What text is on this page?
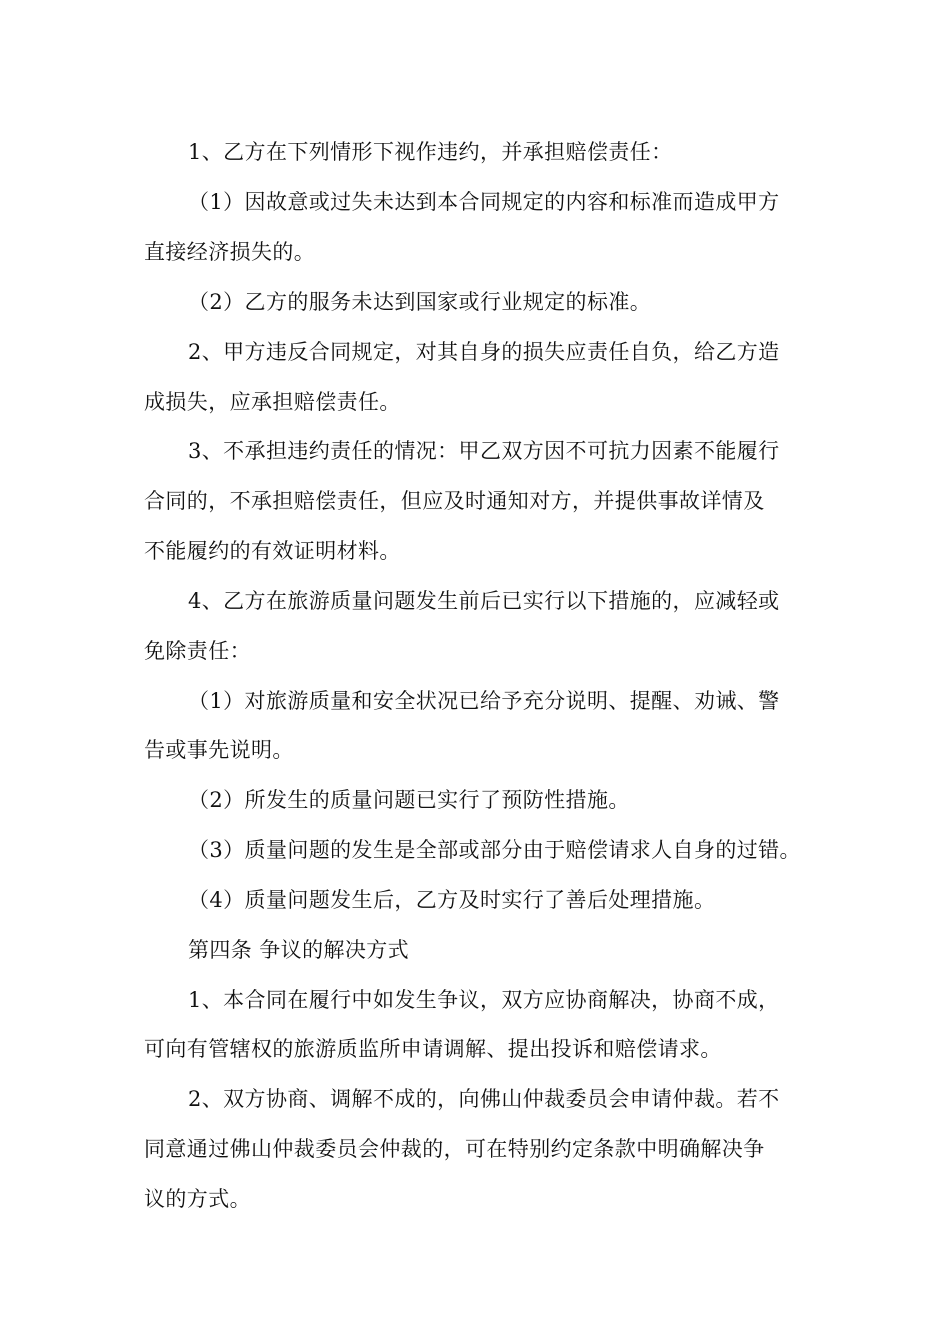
1、乙方在下列情形下视作违约，并承担赔偿责任：
（1）因故意或过失未达到本合同规定的内容和标准而造成甲方
直接经济损失的。
（2）乙方的服务未达到国家或行业规定的标准。
2、甲方违反合同规定，对其自身的损失应责任自负，给乙方造
成损失，应承担赔偿责任。
3、不承担违约责任的情况：甲乙双方因不可抗力因素不能履行
合同的，不承担赔偿责任，但应及时通知对方，并提供事故详情及
不能履约的有效证明材料。
4、乙方在旅游质量问题发生前后已实行以下措施的，应减轻或
免除责任：
（1）对旅游质量和安全状况已给予充分说明、提醒、劝诫、警
告或事先说明。
（2）所发生的质量问题已实行了预防性措施。
（3）质量问题的发生是全部或部分由于赔偿请求人自身的过错。
（4）质量问题发生后，乙方及时实行了善后处理措施。
第四条 争议的解决方式
1、本合同在履行中如发生争议，双方应协商解决，协商不成，
可向有管辖权的旅游质监所申请调解、提出投诉和赔偿请求。
2、双方协商、调解不成的，向佛山仲裁委员会申请仲裁。若不
同意通过佛山仲裁委员会仲裁的，可在特别约定条款中明确解决争
议的方式。
